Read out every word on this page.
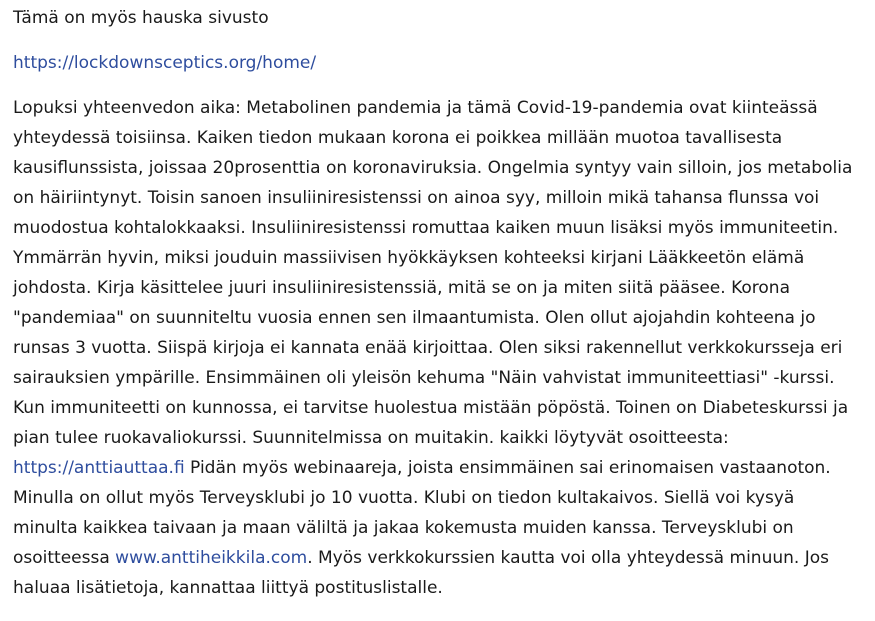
Tämä on myös hauska sivusto
https://lockdownsceptics.org/home/
Lopuksi yhteenvedon aika: Metabolinen pandemia ja tämä Covid-19-pandemia ovat kiinteässä
yhteydessä toisiinsa. Kaiken tiedon mukaan korona ei poikkea millään muotoa tavallisesta
kausiflunssista, joissaa 20prosenttia on koronaviruksia. Ongelmia syntyy vain silloin, jos metabolia
on häiriintynyt. Toisin sanoen insuliiniresistenssi on ainoa syy, milloin mikä tahansa flunssa voi
muodostua kohtalokkaaksi. Insuliiniresistenssi romuttaa kaiken muun lisäksi myös immuniteetin.
Ymmärrän hyvin, miksi jouduin massiivisen hyökkäyksen kohteeksi kirjani Lääkkeetön elämä
johdosta. Kirja käsittelee juuri insuliiniresistenssiä, mitä se on ja miten siitä pääsee. Korona
"pandemiaa" on suunniteltu vuosia ennen sen ilmaantumista. Olen ollut ajojahdin kohteena jo
runsas 3 vuotta. Siispä kirjoja ei kannata enää kirjoittaa. Olen siksi rakennellut verkkokursseja eri
sairauksien ympärille. Ensimmäinen oli yleisön kehuma "Näin vahvistat immuniteettiasi" -kurssi.
Kun immuniteetti on kunnossa, ei tarvitse huolestua mistään pöpöstä. Toinen on Diabeteskurssi ja
pian tulee ruokavaliokurssi. Suunnitelmissa on muitakin. kaikki löytyvät osoitteesta:
https://anttiauttaa.fi Pidän myös webinaareja, joista ensimmäinen sai erinomaisen vastaanoton.
Minulla on ollut myös Terveysklubi jo 10 vuotta. Klubi on tiedon kultakaivos. Siellä voi kysyä
minulta kaikkea taivaan ja maan väliltä ja jakaa kokemusta muiden kanssa. Terveysklubi on
osoitteessa www.anttiheikkila.com. Myös verkkokurssien kautta voi olla yhteydessä minuun. Jos
haluaa lisätietoja, kannattaa liittyä postituslistalle.
